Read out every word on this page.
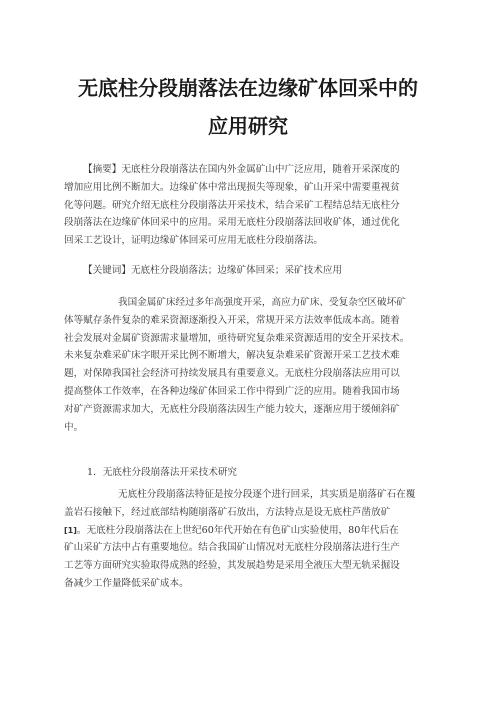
无底柱分段崩落法在边缘矿体回采中的
应用研究
【摘要】无底柱分段崩落法在国内外金属矿山中广泛应用，随着开采深度的
增加应用比例不断加大。边缘矿体中常出现损失等现象，矿山开采中需要重视贫
化等问题。研究介绍无底柱分段崩落法开采技术，结合采矿工程结总结无底柱分
段崩落法在边缘矿体回采中的应用。采用无底柱分段崩落法回收矿体，通过优化
回采工艺设计，证明边缘矿体回采可应用无底柱分段崩落法。
【关键词】无底柱分段崩落法；边缘矿体回采；采矿技术应用
我国金属矿床经过多年高强度开采，高应力矿床、受复杂空区破坏矿
体等赋存条件复杂的难采资源逐渐投入开采，常规开采方法效率低成本高。随着
社会发展对金属矿资源需求量增加，亟待研究复杂难采资源适用的安全开采技术。
未来复杂难采矿床字眼开采比例不断增大，解决复杂难采矿资源开采工艺技术难
题，对保障我国社会经济可持续发展具有重要意义。无底柱分段崩落法应用可以
提高整体工作效率，在各种边缘矿体回采工作中得到广泛的应用。随着我国市场
对矿产资源需求加大，无底柱分段崩落法因生产能力较大，逐渐应用于缓倾斜矿
中。
1．无底柱分段崩落法开采技术研究
无底柱分段崩落法特征是按分段逐个进行回采，其实质是崩落矿石在覆
盖岩石接触下，经过底部结构随崩落矿石放出，方法特点是设无底柱芦凿放矿
[1]。无底柱分段崩落法在上世纪60年代开始在有色矿山实验使用，80年代后在
矿山采矿方法中占有重要地位。结合我国矿山情况对无底柱分段崩落法进行生产
工艺等方面研究实验取得成熟的经验，其发展趋势是采用全液压大型无轨采掘设
备减少工作量降低采矿成本。
